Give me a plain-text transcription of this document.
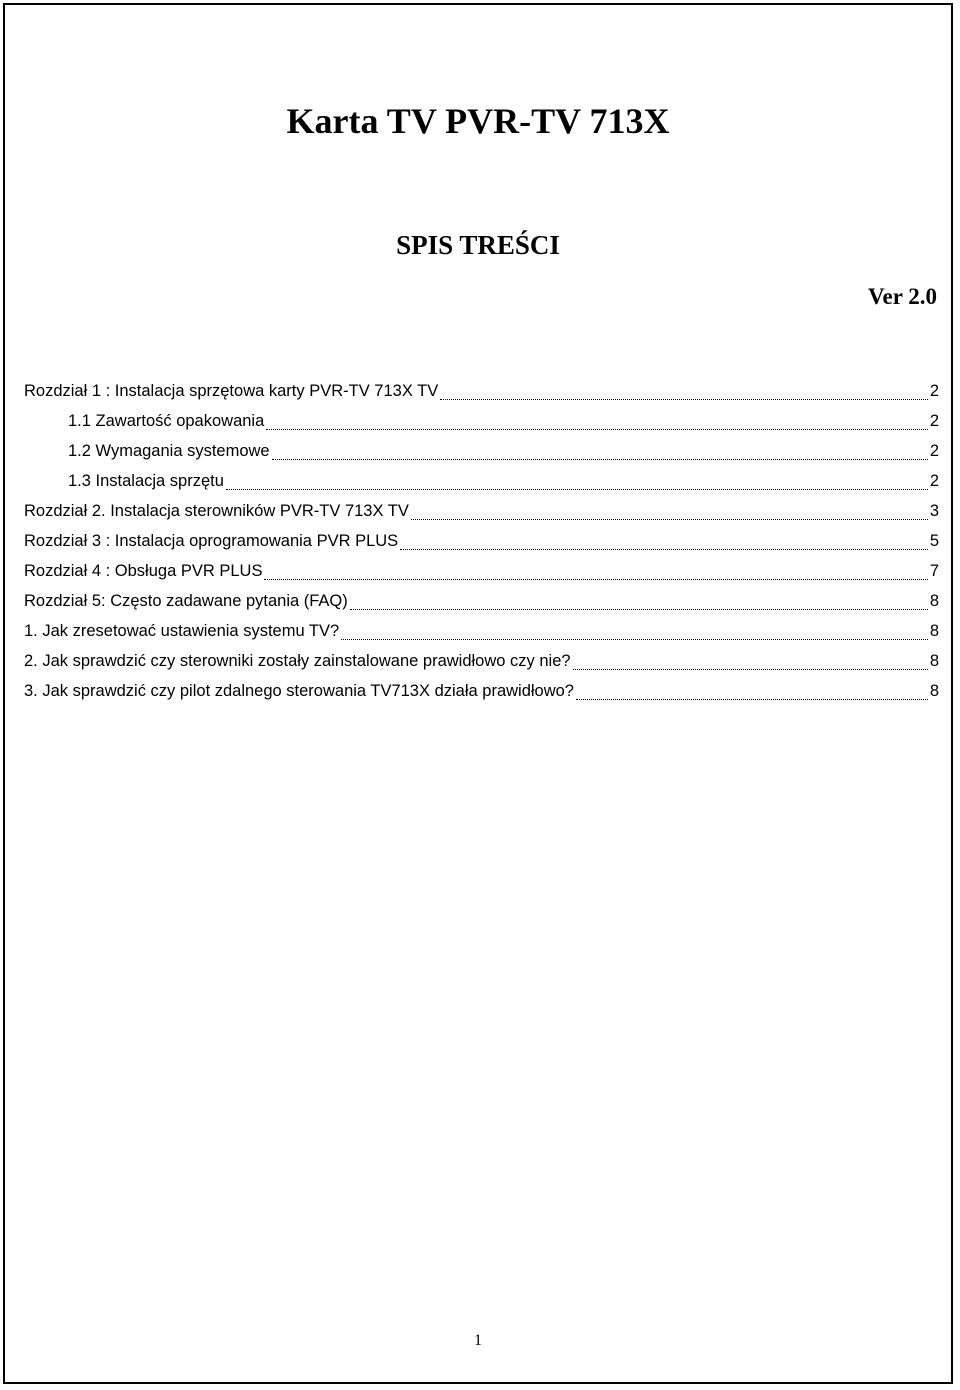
Karta TV PVR-TV 713X
SPIS TREŚCI
Ver 2.0
Rozdział 1 : Instalacja sprzętowa karty PVR-TV 713X TV	2
1.1 Zawartość opakowania	2
1.2 Wymagania systemowe	2
1.3 Instalacja sprzętu	2
Rozdział 2. Instalacja sterowników PVR-TV 713X TV	3
Rozdział 3 : Instalacja oprogramowania PVR PLUS	5
Rozdział 4 : Obsługa PVR PLUS	7
Rozdział 5: Często zadawane pytania (FAQ)	8
1. Jak zresetować ustawienia systemu TV?	8
2. Jak sprawdzić czy sterowniki zostały zainstalowane prawidłowo czy nie?	8
3. Jak sprawdzić czy pilot zdalnego sterowania TV713X działa prawidłowo?	8
1
